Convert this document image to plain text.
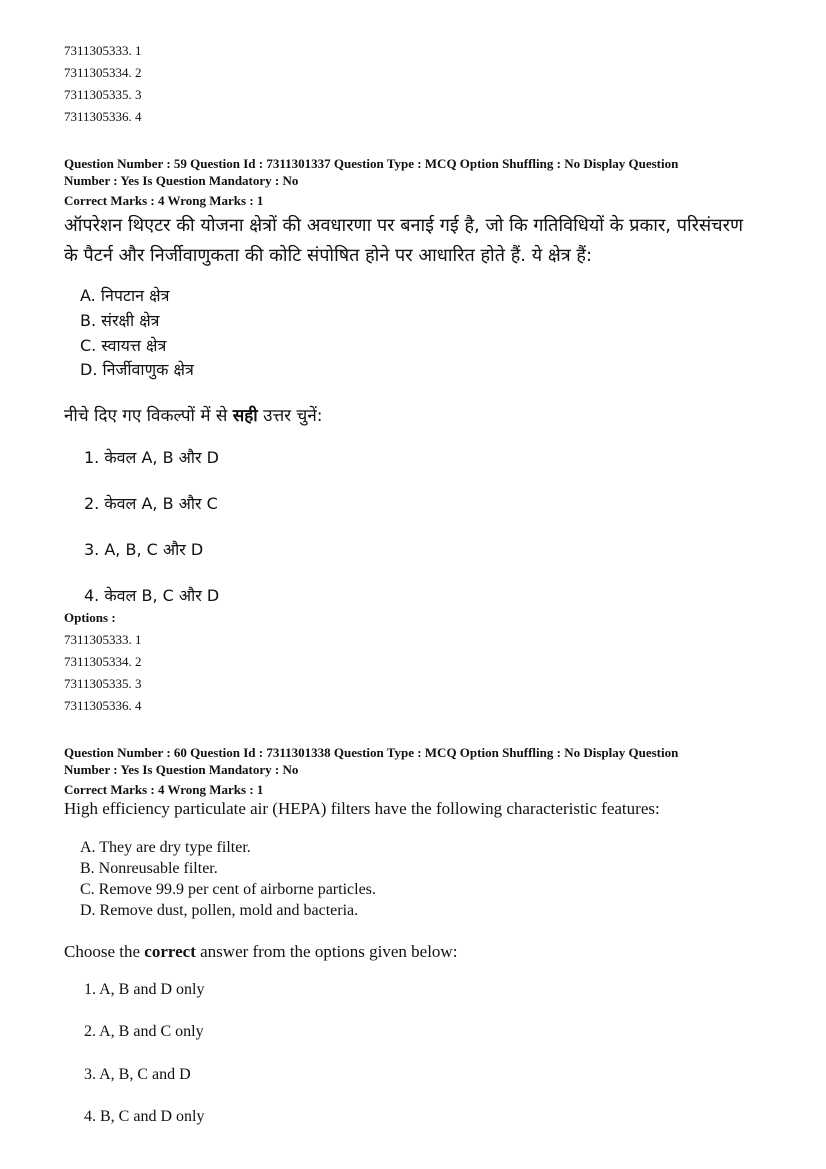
7311305333. 1
7311305334. 2
7311305335. 3
7311305336. 4
Question Number : 59 Question Id : 7311301337 Question Type : MCQ Option Shuffling : No Display Question
Number : Yes Is Question Mandatory : No
Correct Marks : 4 Wrong Marks : 1
ऑपरेशन थिएटर की योजना क्षेत्रों की अवधारणा पर बनाई गई है, जो कि गतिविधियों के प्रकार, परिसंचरण
के पैटर्न और निर्जीवाणुकता की कोटि संपोषित होने पर आधारित होते हैं. ये क्षेत्र हैं:
A. निपटान क्षेत्र
B. संरक्षी क्षेत्र
C. स्वायत्त क्षेत्र
D. निर्जीवाणुक क्षेत्र
नीचे दिए गए विकल्पों में से सही उत्तर चुनें:
1. केवल A, B और D
2. केवल A, B और C
3. A, B, C और D
4. केवल B, C और D
Options :
7311305333. 1
7311305334. 2
7311305335. 3
7311305336. 4
Question Number : 60 Question Id : 7311301338 Question Type : MCQ Option Shuffling : No Display Question
Number : Yes Is Question Mandatory : No
Correct Marks : 4 Wrong Marks : 1
High efficiency particulate air (HEPA) filters have the following characteristic features:
A. They are dry type filter.
B. Nonreusable filter.
C. Remove 99.9 per cent of airborne particles.
D. Remove dust, pollen, mold and bacteria.
Choose the correct answer from the options given below:
1. A, B and D only
2. A, B and C only
3. A, B, C and D
4. B, C and D only
